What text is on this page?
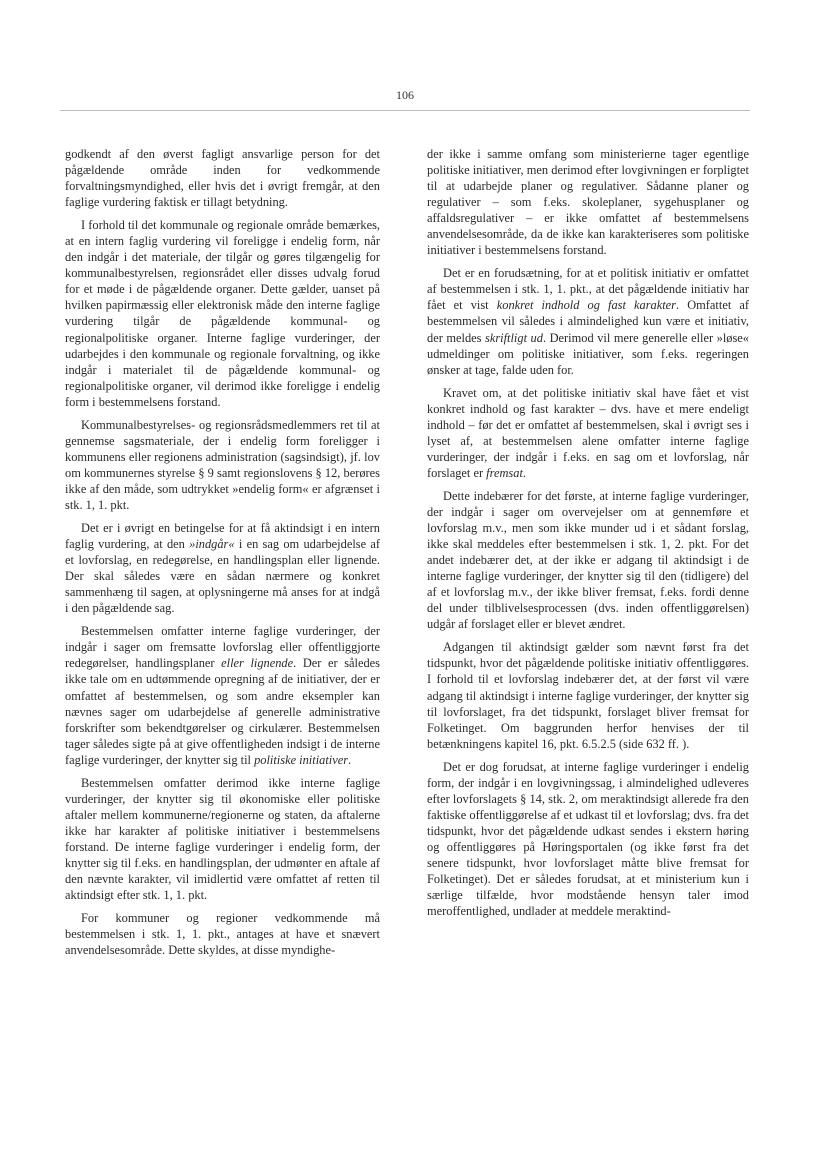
106

godkendt af den øverst fagligt ansvarlige person for det pågældende område inden for vedkommende forvaltningsmyndighed, eller hvis det i øvrigt fremgår, at den faglige vurdering faktisk er tillagt betydning.

I forhold til det kommunale og regionale område bemærkes, at en intern faglig vurdering vil foreligge i endelig form, når den indgår i det materiale, der tilgår og gøres tilgængelig for kommunalbestyrelsen, regionsrådet eller disses udvalg forud for et møde i de pågældende organer. Dette gælder, uanset på hvilken papirmæssig eller elektronisk måde den interne faglige vurdering tilgår de pågældende kommunal- og regionalpolitiske organer. Interne faglige vurderinger, der udarbejdes i den kommunale og regionale forvaltning, og ikke indgår i materialet til de pågældende kommunal- og regionalpolitiske organer, vil derimod ikke foreligge i endelig form i bestemmelsens forstand.

Kommunalbestyrelses- og regionsrådsmedlemmers ret til at gennemse sagsmateriale, der i endelig form foreligger i kommunens eller regionens administration (sagsindsigt), jf. lov om kommunernes styrelse § 9 samt regionslovens § 12, berøres ikke af den måde, som udtrykket »endelig form« er afgrænset i stk. 1, 1. pkt.

Det er i øvrigt en betingelse for at få aktindsigt i en intern faglig vurdering, at den »indgår« i en sag om udarbejdelse af et lovforslag, en redegørelse, en handlingsplan eller lignende. Der skal således være en sådan nærmere og konkret sammenhæng til sagen, at oplysningerne må anses for at indgå i den pågældende sag.

Bestemmelsen omfatter interne faglige vurderinger, der indgår i sager om fremsatte lovforslag eller offentliggjorte redegørelser, handlingsplaner eller lignende. Der er således ikke tale om en udtømmende opregning af de initiativer, der er omfattet af bestemmelsen, og som andre eksempler kan nævnes sager om udarbejdelse af generelle administrative forskrifter som bekendtgørelser og cirkulærer. Bestemmelsen tager således sigte på at give offentligheden indsigt i de interne faglige vurderinger, der knytter sig til politiske initiativer.

Bestemmelsen omfatter derimod ikke interne faglige vurderinger, der knytter sig til økonomiske eller politiske aftaler mellem kommunerne/regionerne og staten, da aftalerne ikke har karakter af politiske initiativer i bestemmelsens forstand. De interne faglige vurderinger i endelig form, der knytter sig til f.eks. en handlingsplan, der udmønter en aftale af den nævnte karakter, vil imidlertid være omfattet af retten til aktindsigt efter stk. 1, 1. pkt.

For kommuner og regioner vedkommende må bestemmelsen i stk. 1, 1. pkt., antages at have et snævert anvendelsesområde. Dette skyldes, at disse myndighe-

der ikke i samme omfang som ministerierne tager egentlige politiske initiativer, men derimod efter lovgivningen er forpligtet til at udarbejde planer og regulativer. Sådanne planer og regulativer – som f.eks. skoleplaner, sygehusplaner og affaldsregulativer – er ikke omfattet af bestemmelsens anvendelsesområde, da de ikke kan karakteriseres som politiske initiativer i bestemmelsens forstand.

Det er en forudsætning, for at et politisk initiativ er omfattet af bestemmelsen i stk. 1, 1. pkt., at det pågældende initiativ har fået et vist konkret indhold og fast karakter. Omfattet af bestemmelsen vil således i almindelighed kun være et initiativ, der meldes skriftligt ud. Derimod vil mere generelle eller »løse« udmeldinger om politiske initiativer, som f.eks. regeringen ønsker at tage, falde uden for.

Kravet om, at det politiske initiativ skal have fået et vist konkret indhold og fast karakter – dvs. have et mere endeligt indhold – før det er omfattet af bestemmelsen, skal i øvrigt ses i lyset af, at bestemmelsen alene omfatter interne faglige vurderinger, der indgår i f.eks. en sag om et lovforslag, når forslaget er fremsat.

Dette indebærer for det første, at interne faglige vurderinger, der indgår i sager om overvejelser om at gennemføre et lovforslag m.v., men som ikke munder ud i et sådant forslag, ikke skal meddeles efter bestemmelsen i stk. 1, 2. pkt. For det andet indebærer det, at der ikke er adgang til aktindsigt i de interne faglige vurderinger, der knytter sig til den (tidligere) del af et lovforslag m.v., der ikke bliver fremsat, f.eks. fordi denne del under tilblivelsesprocessen (dvs. inden offentliggørelsen) udgår af forslaget eller er blevet ændret.

Adgangen til aktindsigt gælder som nævnt først fra det tidspunkt, hvor det pågældende politiske initiativ offentliggøres. I forhold til et lovforslag indebærer det, at der først vil være adgang til aktindsigt i interne faglige vurderinger, der knytter sig til lovforslaget, fra det tidspunkt, forslaget bliver fremsat for Folketinget. Om baggrunden herfor henvises der til betænkningens kapitel 16, pkt. 6.5.2.5 (side 632 ff. ).

Det er dog forudsat, at interne faglige vurderinger i endelig form, der indgår i en lovgivningssag, i almindelighed udleveres efter lovforslagets § 14, stk. 2, om meraktindsigt allerede fra den faktiske offentliggørelse af et udkast til et lovforslag; dvs. fra det tidspunkt, hvor det pågældende udkast sendes i ekstern høring og offentliggøres på Høringsportalen (og ikke først fra det senere tidspunkt, hvor lovforslaget måtte blive fremsat for Folketinget). Det er således forudsat, at et ministerium kun i særlige tilfælde, hvor modstående hensyn taler imod meroffentlighed, undlader at meddele meraktind-
